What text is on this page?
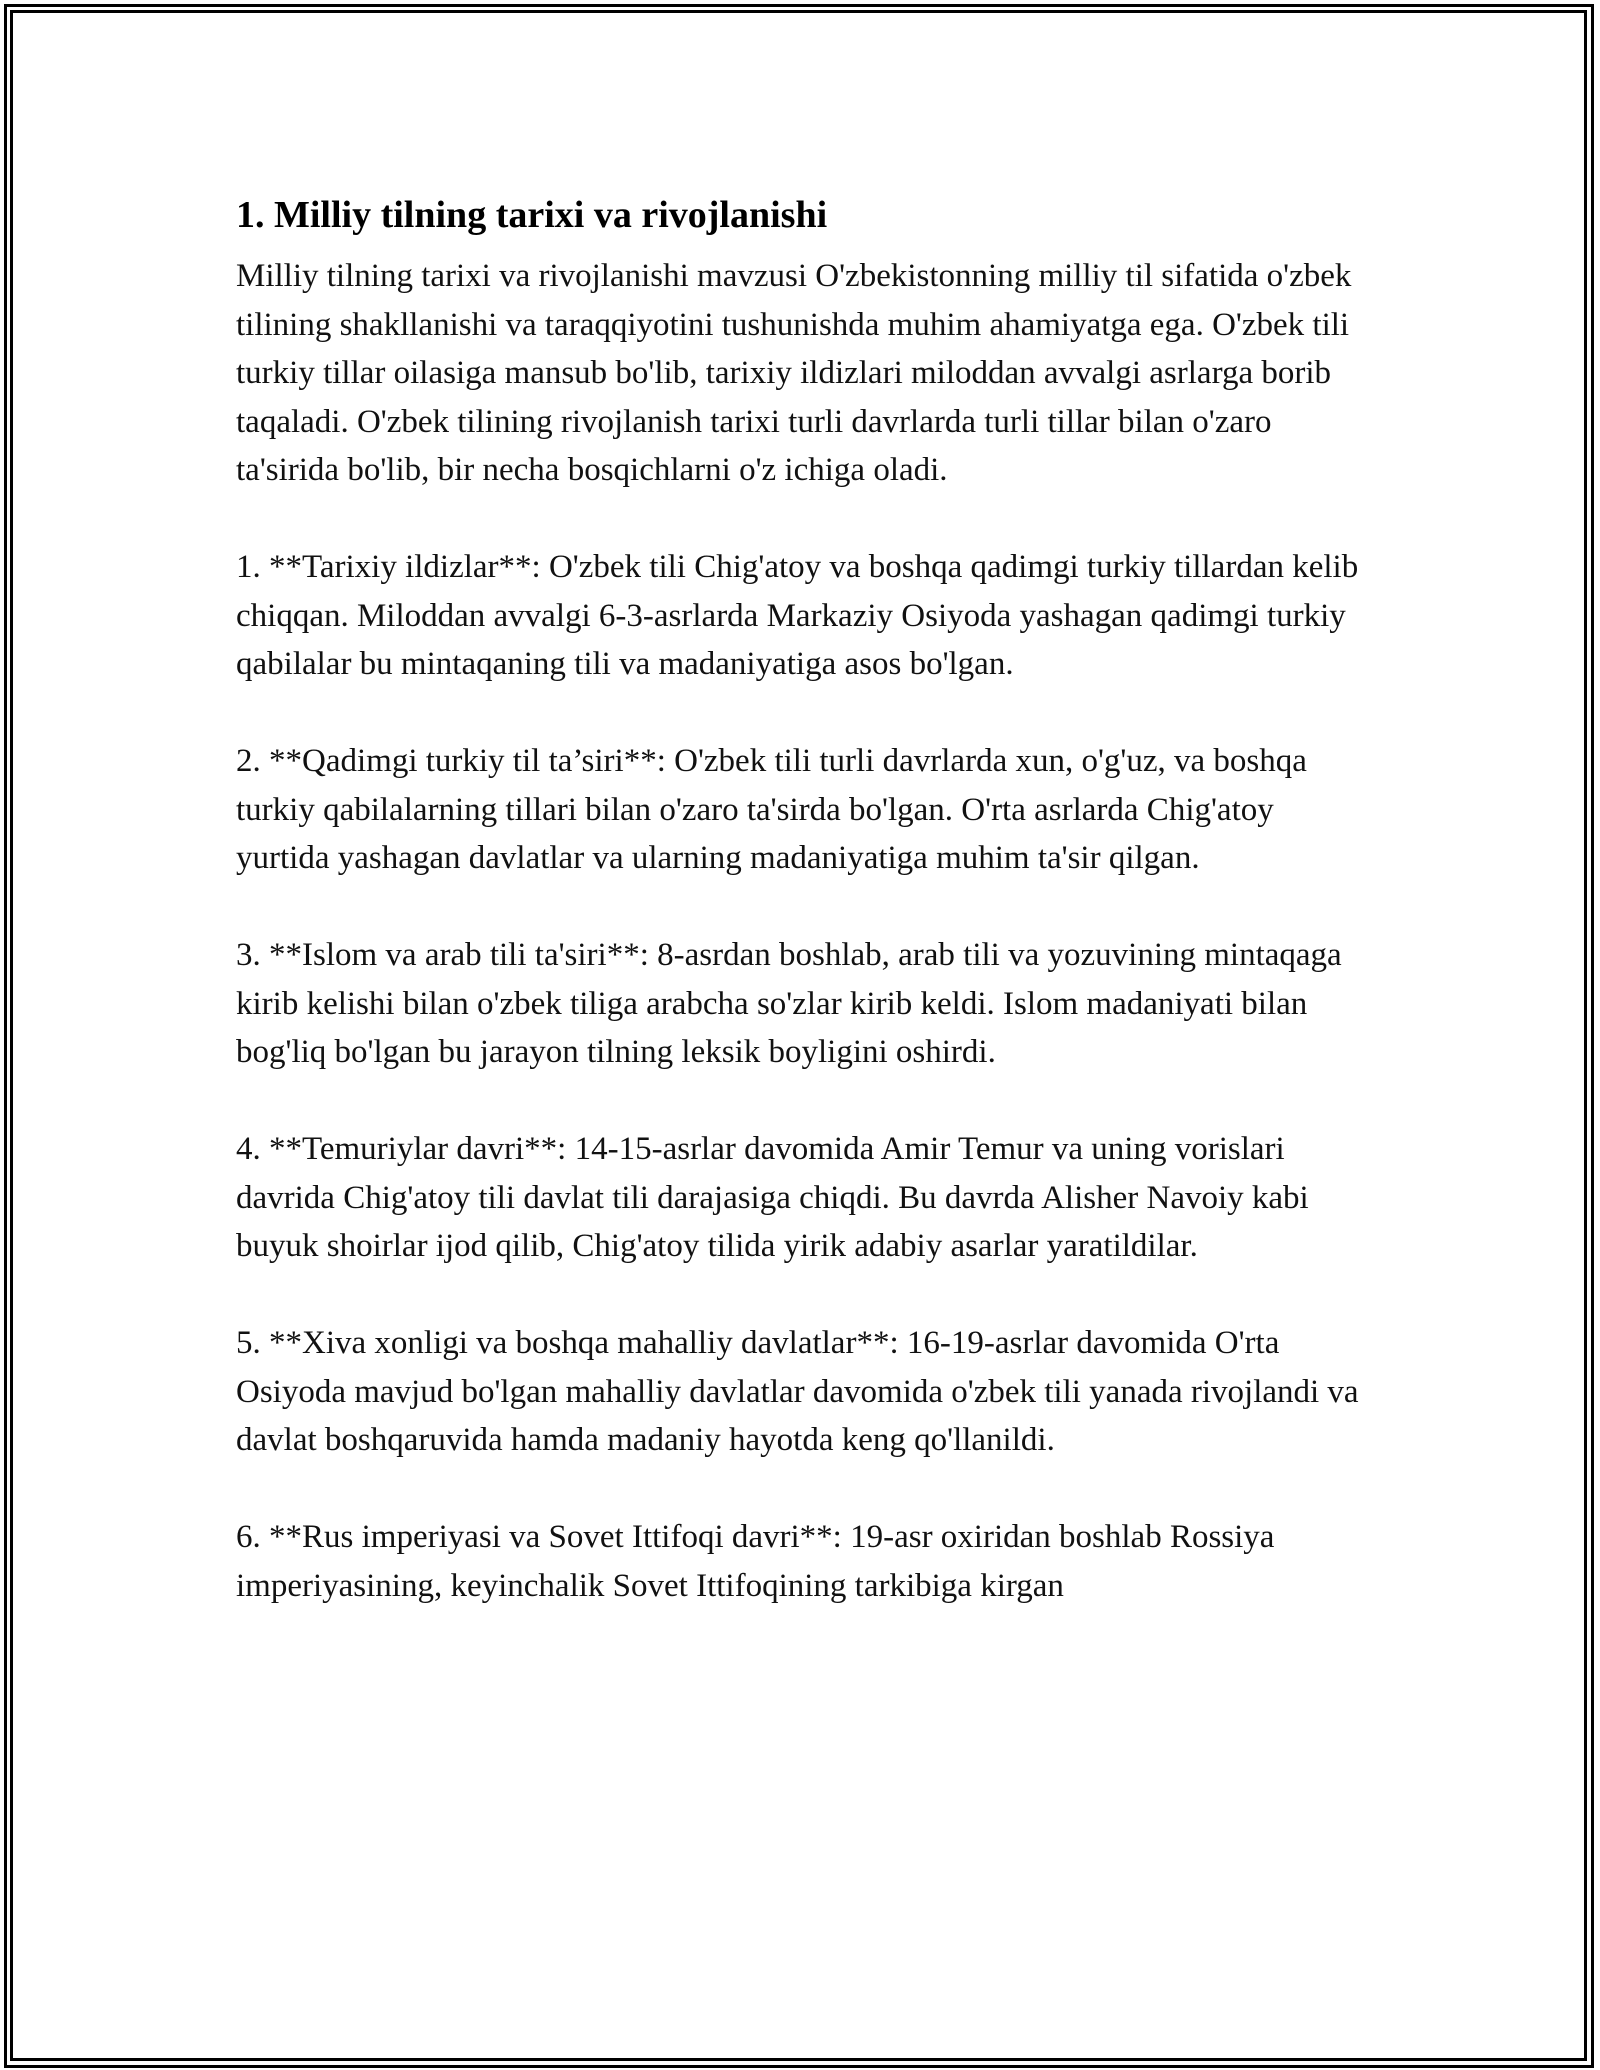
1. Milliy tilning tarixi va rivojlanishi

Milliy tilning tarixi va rivojlanishi mavzusi O'zbekistonning milliy til sifatida o'zbek tilining shakllanishi va taraqqiyotini tushunishda muhim ahamiyatga ega. O'zbek tili turkiy tillar oilasiga mansub bo'lib, tarixiy ildizlari miloddan avvalgi asrlarga borib taqaladi. O'zbek tilining rivojlanish tarixi turli davrlarda turli tillar bilan o'zaro ta'sirida bo'lib, bir necha bosqichlarni o'z ichiga oladi.

1. **Tarixiy ildizlar**: O'zbek tili Chig'atoy va boshqa qadimgi turkiy tillardan kelib chiqqan. Miloddan avvalgi 6-3-asrlarda Markaziy Osiyoda yashagan qadimgi turkiy qabilalar bu mintaqaning tili va madaniyatiga asos bo'lgan.

2. **Qadimgi turkiy til ta’siri**: O'zbek tili turli davrlarda xun, o'g'uz, va boshqa turkiy qabilalarning tillari bilan o'zaro ta'sirda bo'lgan. O'rta asrlarda Chig'atoy yurtida yashagan davlatlar va ularning madaniyatiga muhim ta'sir qilgan.

3. **Islom va arab tili ta'siri**: 8-asrdan boshlab, arab tili va yozuvining mintaqaga kirib kelishi bilan o'zbek tiliga arabcha so'zlar kirib keldi. Islom madaniyati bilan bog'liq bo'lgan bu jarayon tilning leksik boyligini oshirdi.

4. **Temuriylar davri**: 14-15-asrlar davomida Amir Temur va uning vorislari davrida Chig'atoy tili davlat tili darajasiga chiqdi. Bu davrda Alisher Navoiy kabi buyuk shoirlar ijod qilib, Chig'atoy tilida yirik adabiy asarlar yaratildilar.

5. **Xiva xonligi va boshqa mahalliy davlatlar**: 16-19-asrlar davomida O'rta Osiyoda mavjud bo'lgan mahalliy davlatlar davomida o'zbek tili yanada rivojlandi va davlat boshqaruvida hamda madaniy hayotda keng qo'llanildi.

6. **Rus imperiyasi va Sovet Ittifoqi davri**: 19-asr oxiridan boshlab Rossiya imperiyasining, keyinchalik Sovet Ittifoqining tarkibiga kirgan
